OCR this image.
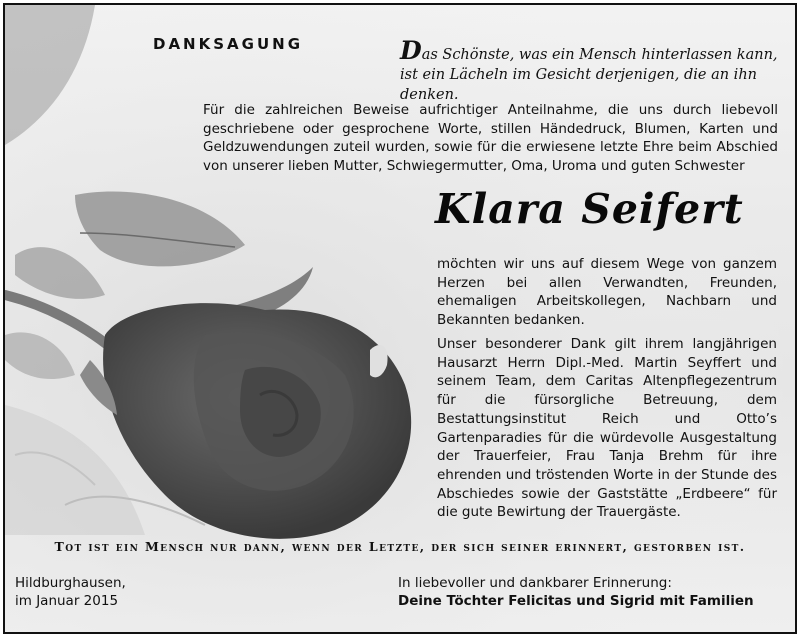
DANKSAGUNG	Das Schönste, was ein Mensch hinterlassen kann,
ist ein Lächeln im Gesicht derjenigen, die an ihn denken.
Für die zahlreichen Beweise aufrichtiger Anteilnahme, die uns durch liebevoll geschriebene oder gesprochene Worte, stillen Händedruck, Blumen, Karten und Geldzuwendungen zuteil wurden, sowie für die erwiesene letzte Ehre beim Abschied von unserer lieben Mutter, Schwiegermutter, Oma, Uroma und guten Schwester
Klara Seifert
möchten wir uns auf diesem Wege von ganzem Herzen bei allen Verwandten, Freunden, ehemaligen Arbeitskollegen, Nachbarn und Bekannten bedanken.
Unser besonderer Dank gilt ihrem langjährigen Hausarzt Herrn Dipl.-Med. Martin Seyffert und seinem Team, dem Caritas Altenpflegezentrum für die fürsorgliche Betreuung, dem Bestattungsinstitut Reich und Otto’s Gartenparadies für die würdevolle Ausgestaltung der Trauerfeier, Frau Tanja Brehm für ihre ehrenden und tröstenden Worte in der Stunde des Abschiedes sowie der Gaststätte „Erdbeere“ für die gute Bewirtung der Trauergäste.
Tot ist ein Mensch nur dann, wenn der Letzte, der sich seiner erinnert, gestorben ist.
Hildburghausen,
im Januar 2015
In liebevoller und dankbarer Erinnerung:
Deine Töchter Felicitas und Sigrid mit Familien
